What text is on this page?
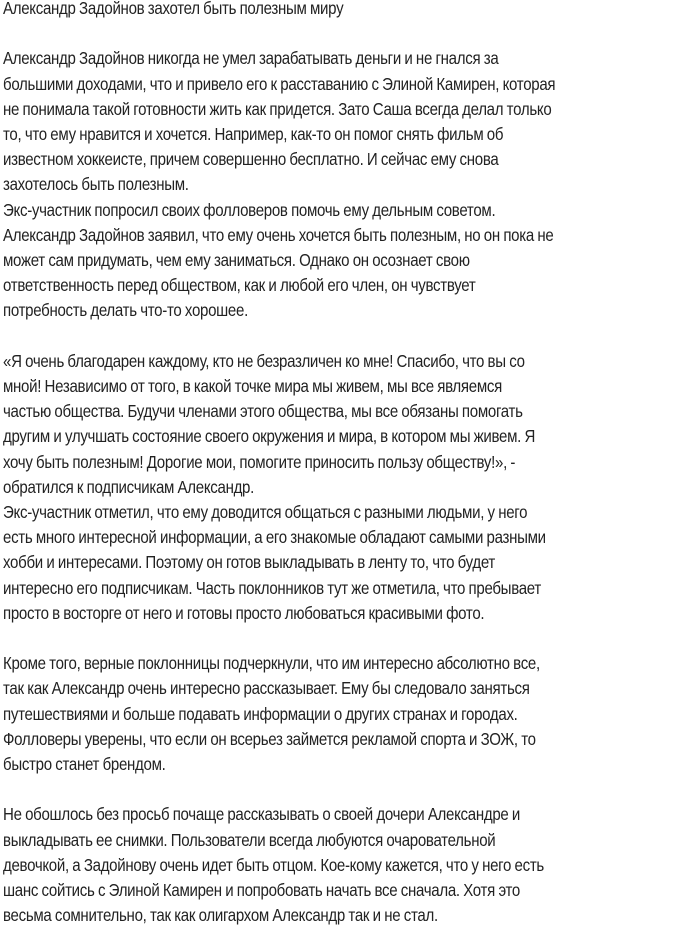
Александр Задойнов захотел быть полезным миру
Александр Задойнов никогда не умел зарабатывать деньги и не гнался за
большими доходами, что и привело его к расставанию с Элиной Камирен, которая
не понимала такой готовности жить как придется. Зато Саша всегда делал только
то, что ему нравится и хочется. Например, как-то он помог снять фильм об
известном хоккеисте, причем совершенно бесплатно. И сейчас ему снова
захотелось быть полезным.
Экс-участник попросил своих фолловеров помочь ему дельным советом.
Александр Задойнов заявил, что ему очень хочется быть полезным, но он пока не
может сам придумать, чем ему заниматься. Однако он осознает свою
ответственность перед обществом, как и любой его член, он чувствует
потребность делать что-то хорошее.
«Я очень благодарен каждому, кто не безразличен ко мне! Спасибо, что вы со
мной! Независимо от того, в какой точке мира мы живем, мы все являемся
частью общества. Будучи членами этого общества, мы все обязаны помогать
другим и улучшать состояние своего окружения и мира, в котором мы живем. Я
хочу быть полезным! Дорогие мои, помогите приносить пользу обществу!», -
обратился к подписчикам Александр.
Экс-участник отметил, что ему доводится общаться с разными людьми, у него
есть много интересной информации, а его знакомые обладают самыми разными
хобби и интересами. Поэтому он готов выкладывать в ленту то, что будет
интересно его подписчикам. Часть поклонников тут же отметила, что пребывает
просто в восторге от него и готовы просто любоваться красивыми фото.
Кроме того, верные поклонницы подчеркнули, что им интересно абсолютно все,
так как Александр очень интересно рассказывает. Ему бы следовало заняться
путешествиями и больше подавать информации о других странах и городах.
Фолловеры уверены, что если он всерьез займется рекламой спорта и ЗОЖ, то
быстро станет брендом.
Не обошлось без просьб почаще рассказывать о своей дочери Александре и
выкладывать ее снимки. Пользователи всегда любуются очаровательной
девочкой, а Задойнову очень идет быть отцом. Кое-кому кажется, что у него есть
шанс сойтись с Элиной Камирен и попробовать начать все сначала. Хотя это
весьма сомнительно, так как олигархом Александр так и не стал.
